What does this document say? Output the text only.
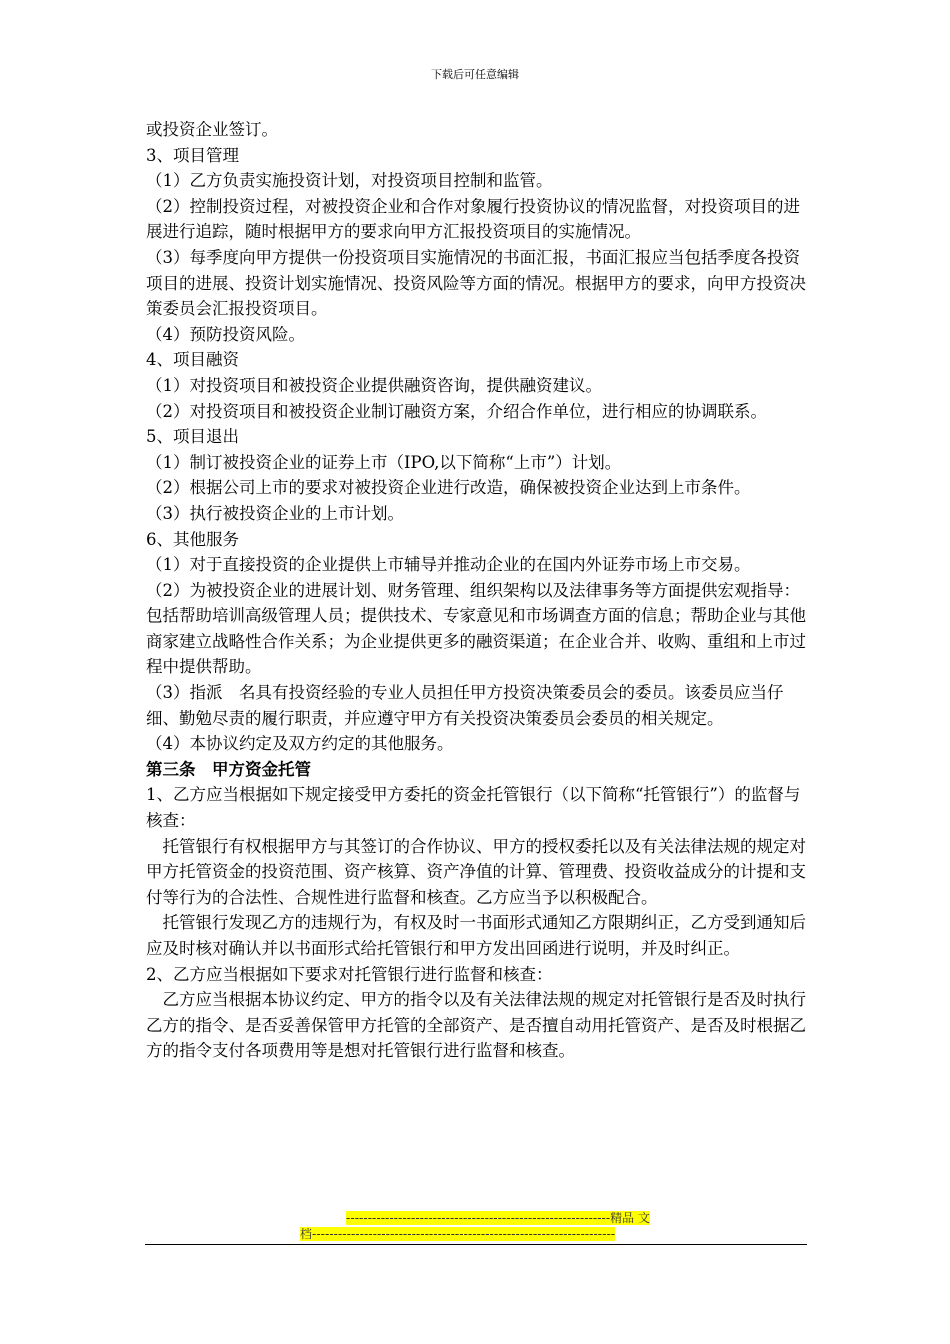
下载后可任意编辑
或投资企业签订。
3、项目管理
（1）乙方负责实施投资计划，对投资项目控制和监管。
（2）控制投资过程，对被投资企业和合作对象履行投资协议的情况监督，对投资项目的进展进行追踪，随时根据甲方的要求向甲方汇报投资项目的实施情况。
（3）每季度向甲方提供一份投资项目实施情况的书面汇报，书面汇报应当包括季度各投资项目的进展、投资计划实施情况、投资风险等方面的情况。根据甲方的要求，向甲方投资决策委员会汇报投资项目。
（4）预防投资风险。
4、项目融资
（1）对投资项目和被投资企业提供融资咨询，提供融资建议。
（2）对投资项目和被投资企业制订融资方案，介绍合作单位，进行相应的协调联系。
5、项目退出
（1）制订被投资企业的证券上市（IPO,以下简称“上市”）计划。
（2）根据公司上市的要求对被投资企业进行改造，确保被投资企业达到上市条件。
（3）执行被投资企业的上市计划。
6、其他服务
（1）对于直接投资的企业提供上市辅导并推动企业的在国内外证券市场上市交易。
（2）为被投资企业的进展计划、财务管理、组织架构以及法律事务等方面提供宏观指导：包括帮助培训高级管理人员；提供技术、专家意见和市场调查方面的信息；帮助企业与其他商家建立战略性合作关系；为企业提供更多的融资渠道；在企业合并、收购、重组和上市过程中提供帮助。
（3）指派　名具有投资经验的专业人员担任甲方投资决策委员会的委员。该委员应当仔细、勤勉尽责的履行职责，并应遵守甲方有关投资决策委员会委员的相关规定。
（4）本协议约定及双方约定的其他服务。
第三条　甲方资金托管
1、乙方应当根据如下规定接受甲方委托的资金托管银行（以下简称“托管银行”）的监督与核查：
托管银行有权根据甲方与其签订的合作协议、甲方的授权委托以及有关法律法规的规定对甲方托管资金的投资范围、资产核算、资产净值的计算、管理费、投资收益成分的计提和支付等行为的合法性、合规性进行监督和核查。乙方应当予以积极配合。
托管银行发现乙方的违规行为，有权及时一书面形式通知乙方限期纠正，乙方受到通知后应及时核对确认并以书面形式给托管银行和甲方发出回函进行说明，并及时纠正。
2、乙方应当根据如下要求对托管银行进行监督和核查：
乙方应当根据本协议约定、甲方的指令以及有关法律法规的规定对托管银行是否及时执行乙方的指令、是否妥善保管甲方托管的全部资产、是否擅自动用托管资产、是否及时根据乙方的指令支付各项费用等是想对托管银行进行监督和核查。
-------------------------------------------------------------精品 文
档----------------------------------------------------------------------
